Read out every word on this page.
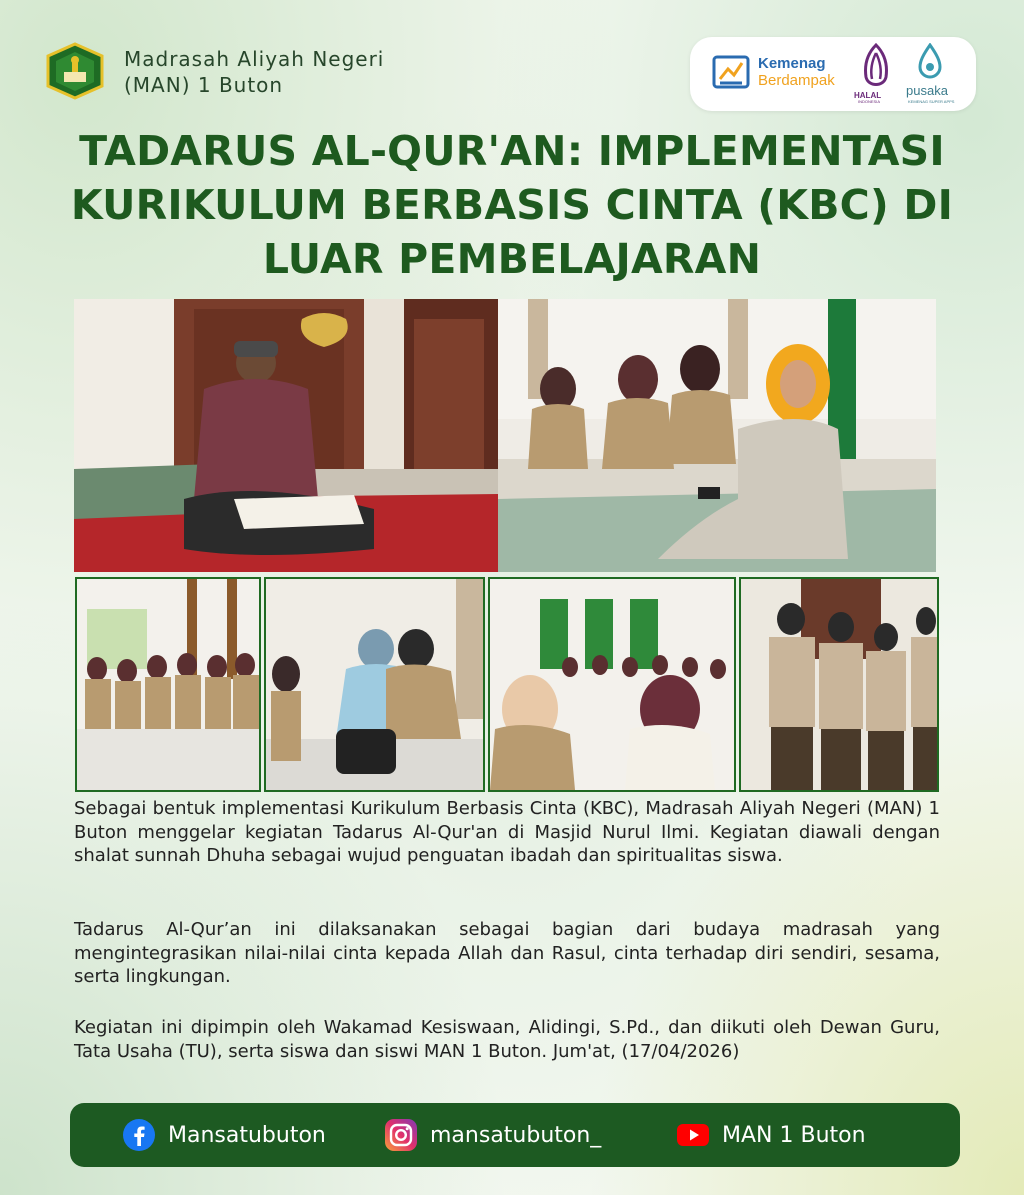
Madrasah Aliyah Negeri
(MAN) 1 Buton
Kemenag
Berdampak
HALAL
INDONESIA
pusaka
KEMENAG SUPER APPS
TADARUS AL-QUR'AN: IMPLEMENTASI
KURIKULUM BERBASIS CINTA (KBC) DI
LUAR PEMBELAJARAN
Sebagai bentuk implementasi Kurikulum Berbasis Cinta (KBC), Madrasah Aliyah Negeri (MAN) 1 Buton menggelar kegiatan Tadarus Al-Qur'an di Masjid Nurul Ilmi. Kegiatan diawali dengan shalat sunnah Dhuha sebagai wujud penguatan ibadah dan spiritualitas siswa.
Tadarus Al-Qur’an ini dilaksanakan sebagai bagian dari budaya madrasah yang mengintegrasikan nilai-nilai cinta kepada Allah dan Rasul, cinta terhadap diri sendiri, sesama, serta lingkungan.
Kegiatan ini dipimpin oleh Wakamad Kesiswaan, Alidingi, S.Pd., dan diikuti oleh Dewan Guru, Tata Usaha (TU), serta siswa dan siswi MAN 1 Buton. Jum'at, (17/04/2026)
Mansatubuton	mansatubuton_	MAN 1 Buton
